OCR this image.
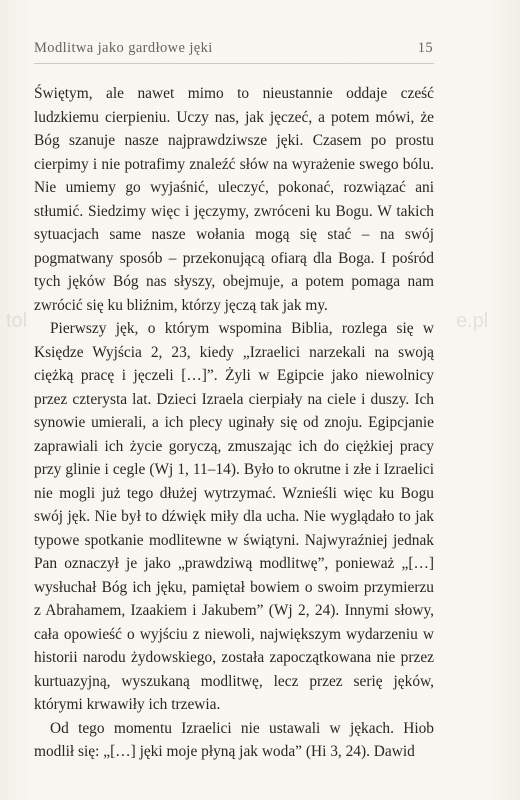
Modlitwa jako gardłowe jęki	15

Świętym, ale nawet mimo to nieustannie oddaje cześć ludzkiemu cierpieniu. Uczy nas, jak jęczeć, a potem mówi, że Bóg szanuje nasze najprawdziwsze jęki. Czasem po prostu cierpimy i nie potrafimy znaleźć słów na wyrażenie swego bólu. Nie umiemy go wyjaśnić, uleczyć, pokonać, rozwiązać ani stłumić. Siedzimy więc i jęczymy, zwróceni ku Bogu. W takich sytuacjach same nasze wołania mogą się stać – na swój pogmatwany sposób – przekonującą ofiarą dla Boga. I pośród tych jęków Bóg nas słyszy, obejmuje, a potem pomaga nam zwrócić się ku bliźnim, którzy jęczą tak jak my.

Pierwszy jęk, o którym wspomina Biblia, rozlega się w Księdze Wyjścia 2, 23, kiedy „Izraelici narzekali na swoją ciężką pracę i jęczeli […]”. Żyli w Egipcie jako niewolnicy przez czterysta lat. Dzieci Izraela cierpiały na ciele i duszy. Ich synowie umierali, a ich plecy uginały się od znoju. Egipcjanie zaprawiali ich życie goryczą, zmuszając ich do ciężkiej pracy przy glinie i cegle (Wj 1, 11–14). Było to okrutne i złe i Izraelici nie mogli już tego dłużej wytrzymać. Wznieśli więc ku Bogu swój jęk. Nie był to dźwięk miły dla ucha. Nie wyglądało to jak typowe spotkanie modlitewne w świątyni. Najwyraźniej jednak Pan oznaczył je jako „prawdziwą modlitwę”, ponieważ „[…] wysłuchał Bóg ich jęku, pamiętał bowiem o swoim przymierzu z Abrahamem, Izaakiem i Jakubem” (Wj 2, 24). Innymi słowy, cała opowieść o wyjściu z niewoli, największym wydarzeniu w historii narodu żydowskiego, została zapoczątkowana nie przez kurtuazyjną, wyszukaną modlitwę, lecz przez serię jęków, którymi krwawiły ich trzewia.

Od tego momentu Izraelici nie ustawali w jękach. Hiob modlił się: „[…] jęki moje płyną jak woda” (Hi 3, 24). Dawid

tol	e.pl
